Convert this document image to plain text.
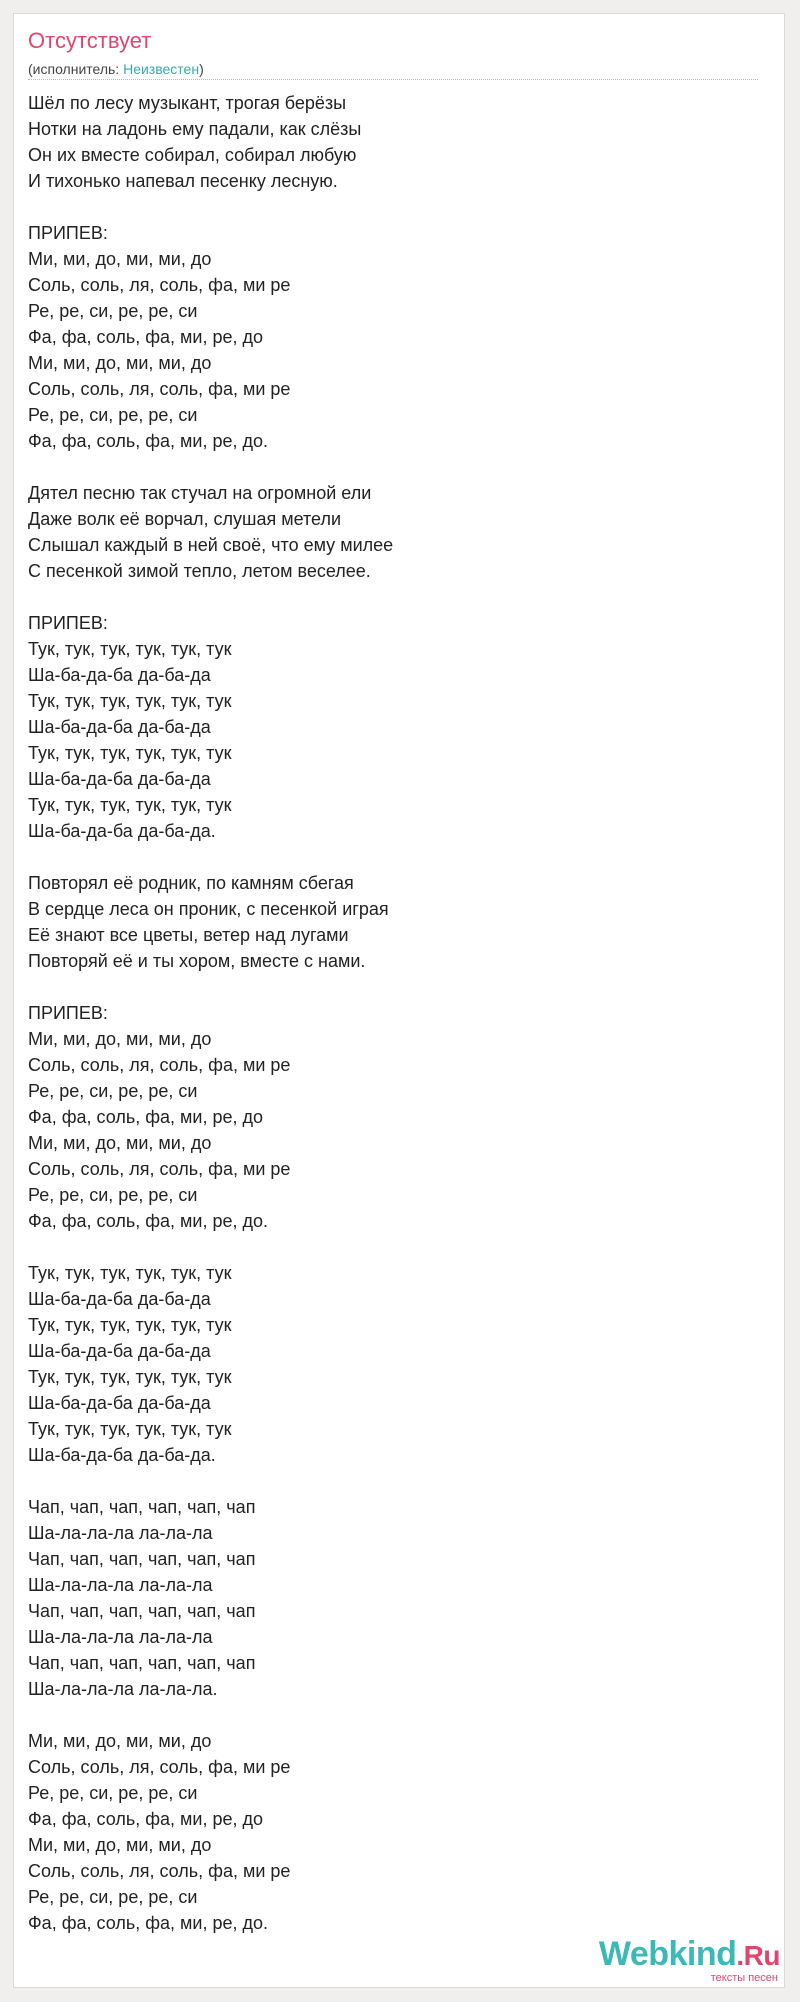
Отсутствует
(исполнитель: Неизвестен)
Шёл по лесу музыкант, трогая берёзы
Нотки на ладонь ему падали, как слёзы
Он их вместе собирал, собирал любую
И тихонько напевал песенку лесную.
ПРИПЕВ:
Ми, ми, до, ми, ми, до
Соль, соль, ля, соль, фа, ми ре
Ре, ре, си, ре, ре, си
Фа, фа, соль, фа, ми, ре, до
Ми, ми, до, ми, ми, до
Соль, соль, ля, соль, фа, ми ре
Ре, ре, си, ре, ре, си
Фа, фа, соль, фа, ми, ре, до.
Дятел песню так стучал на огромной ели
Даже волк её ворчал, слушая метели
Слышал каждый в ней своё, что ему милее
С песенкой зимой тепло, летом веселее.
ПРИПЕВ:
Тук, тук, тук, тук, тук, тук
Ша-ба-да-ба да-ба-да
Тук, тук, тук, тук, тук, тук
Ша-ба-да-ба да-ба-да
Тук, тук, тук, тук, тук, тук
Ша-ба-да-ба да-ба-да
Тук, тук, тук, тук, тук, тук
Ша-ба-да-ба да-ба-да.
Повторял её родник, по камням сбегая
В сердце леса он проник, с песенкой играя
Её знают все цветы, ветер над лугами
Повторяй её и ты хором, вместе с нами.
ПРИПЕВ:
Ми, ми, до, ми, ми, до
Соль, соль, ля, соль, фа, ми ре
Ре, ре, си, ре, ре, си
Фа, фа, соль, фа, ми, ре, до
Ми, ми, до, ми, ми, до
Соль, соль, ля, соль, фа, ми ре
Ре, ре, си, ре, ре, си
Фа, фа, соль, фа, ми, ре, до.
Тук, тук, тук, тук, тук, тук
Ша-ба-да-ба да-ба-да
Тук, тук, тук, тук, тук, тук
Ша-ба-да-ба да-ба-да
Тук, тук, тук, тук, тук, тук
Ша-ба-да-ба да-ба-да
Тук, тук, тук, тук, тук, тук
Ша-ба-да-ба да-ба-да.
Чап, чап, чап, чап, чап, чап
Ша-ла-ла-ла ла-ла-ла
Чап, чап, чап, чап, чап, чап
Ша-ла-ла-ла ла-ла-ла
Чап, чап, чап, чап, чап, чап
Ша-ла-ла-ла ла-ла-ла
Чап, чап, чап, чап, чап, чап
Ша-ла-ла-ла ла-ла-ла.
Ми, ми, до, ми, ми, до
Соль, соль, ля, соль, фа, ми ре
Ре, ре, си, ре, ре, си
Фа, фа, соль, фа, ми, ре, до
Ми, ми, до, ми, ми, до
Соль, соль, ля, соль, фа, ми ре
Ре, ре, си, ре, ре, си
Фа, фа, соль, фа, ми, ре, до.
Webkind.Ru
тексты песен
